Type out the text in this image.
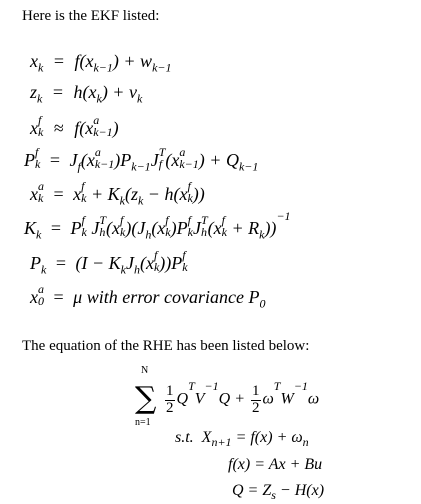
Here is the EKF listed:
$x_k = f(x_{k-1}) + w_{k-1}$
$z_k = h(x_k) + v_k$
x f
k ≈ f(x a
k−1 )
P f
$k = J_f(x$ a
k−1 )$P_{k-1}J$ T
f (x a
k−1 ) + $Q_{k-1}$
x a
k = x f
$k + K_k(z_k - h(x$ f
k ))
$K_k = P$ f
k J T
h (x f
k )($J_h(x$ f
k )P f
k J T
h (x f
$k + R_k))^{-1}$
$P_k = (I - K_kJ_h(x$ f
k ))P f
k
x a
0 = μ with error covariance $P_0$
The equation of the RHE has been listed below:
N
∑
n=1

$\frac{1}{2} Q^TV^{-1}Q + \frac{1}{2} \omega^TW^{-1}\omega$
s.t. $X_{n+1} = f(x) + \omega_n$
f(x) = Ax + Bu
$Q = Z_s - H(x)$
